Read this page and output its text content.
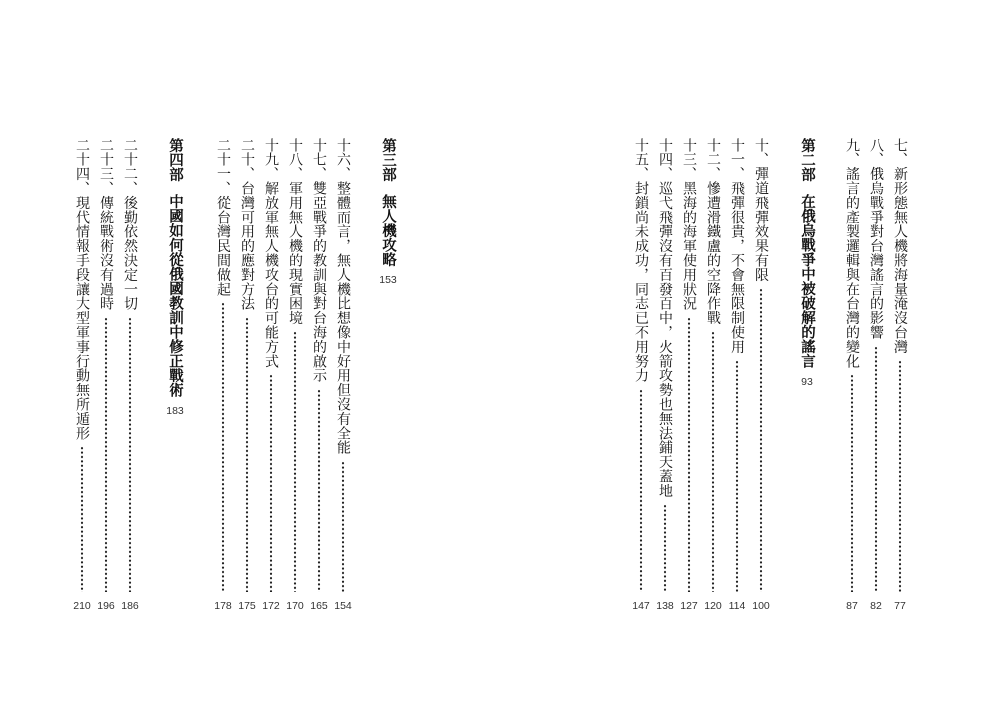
七、新形態無人機將海量淹沒台灣
77
八、俄烏戰爭對台灣謠言的影響
82
九、謠言的產製邏輯與在台灣的變化
87
第二部
在俄烏戰爭中被破解的謠言
93
十、彈道飛彈效果有限
100
十一、飛彈很貴，不會無限制使用
114
十二、慘遭滑鐵盧的空降作戰
120
十三、黑海的海軍使用狀況
127
十四、巡弋飛彈沒有百發百中，火箭攻勢也無法鋪天蓋地
138
十五、封鎖尚未成功，同志已不用努力
147
第三部
無人機攻略
153
十六、整體而言，無人機比想像中好用但沒有全能
154
十七、雙亞戰爭的教訓與對台海的啟示
165
十八、軍用無人機的現實困境
170
十九、解放軍無人機攻台的可能方式
172
二十、台灣可用的應對方法
175
二十一、從台灣民間做起
178
第四部
中國如何從俄國教訓中修正戰術
183
二十二、後勤依然決定一切
186
二十三、傳統戰術沒有過時
196
二十四、現代情報手段讓大型軍事行動無所遁形
210
